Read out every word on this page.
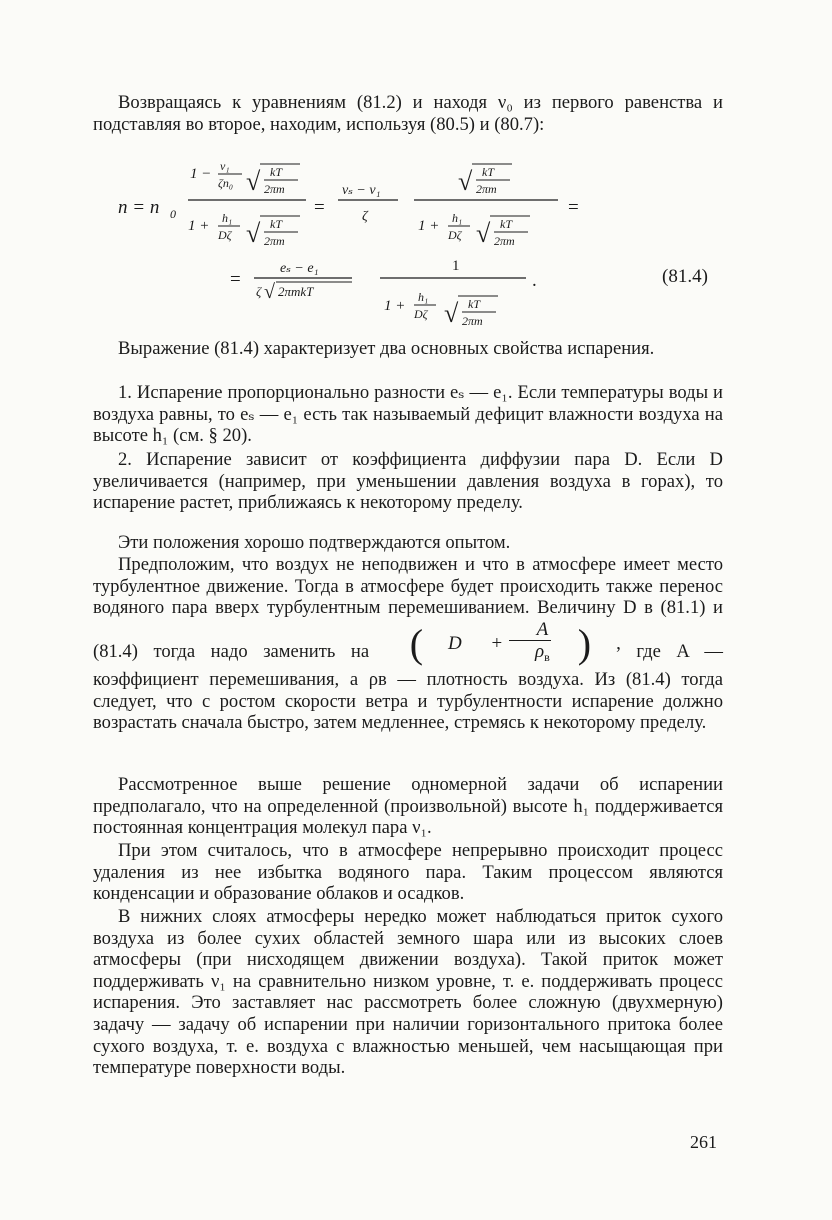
Возвращаясь к уравнениям (81.2) и находя ν₀ из первого равенства и подставляя во второе, находим, используя (80.5) и (80.7):
n = n 0
1 − ν₁
ζn₀ √ kT
2πm
1 + h₁
Dζ √ kT
2πm
=
νₛ − ν₁
ζ
√ kT
2πm
1 + h₁
Dζ √ kT
2πm
=
=
eₛ − e₁
ζ √ 2πmkT
1
1 +
h₁
Dζ √ kT
2πm
.	(81.4)
Выражение (81.4) характеризует два основных свойства испарения.
1. Испарение пропорционально разности eₛ — e₁. Если температуры воды и воздуха равны, то eₛ — e₁ есть так называемый дефицит влажности воздуха на высоте h₁ (см. § 20).
2. Испарение зависит от коэффициента диффузии пара D. Если D увеличивается (например, при уменьшении давления воздуха в горах), то испарение растет, приближаясь к некоторому пределу.
Эти положения хорошо подтверждаются опытом.
Предположим, что воздух не неподвижен и что в атмосфере имеет место турбулентное движение. Тогда в атмосфере будет происходить также перенос водяного пара вверх турбулентным перемешиванием. Величину D в (81.1) и (81.4) тогда надо заменить на	(	$D + \frac{A}{\rho_в}$ ) , где A — коэффициент перемешивания, а ρв — плотность воздуха. Из (81.4) тогда следует, что с ростом скорости ветра и турбулентности испарение должно возрастать сначала быстро, затем медленнее, стремясь к некоторому пределу.
Рассмотренное выше решение одномерной задачи об испарении предполагало, что на определенной (произвольной) высоте h₁ поддерживается постоянная концентрация молекул пара ν₁.
При этом считалось, что в атмосфере непрерывно происходит процесс удаления из нее избытка водяного пара. Таким процессом являются конденсации и образование облаков и осадков.
В нижних слоях атмосферы нередко может наблюдаться приток сухого воздуха из более сухих областей земного шара или из высоких слоев атмосферы (при нисходящем движении воздуха). Такой приток может поддерживать ν₁ на сравнительно низком уровне, т. е. поддерживать процесс испарения. Это заставляет нас рассмотреть более сложную (двухмерную) задачу — задачу об испарении при наличии горизонтального притока более сухого воздуха, т. е. воздуха с влажностью меньшей, чем насыщающая при температуре поверхности воды.
261
